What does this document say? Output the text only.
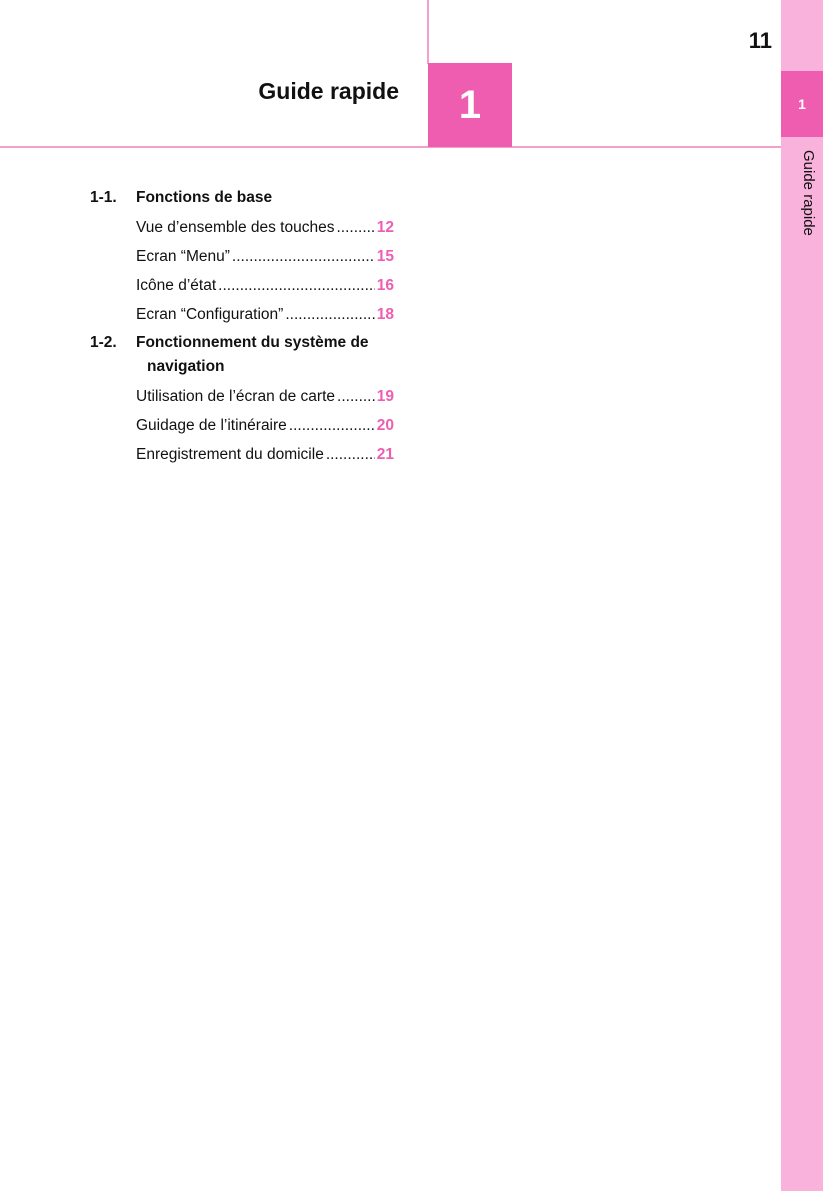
Guide rapide 1
11
1
Guide rapide
1-1.	Fonctions de base
Vue d’ensemble des touches .....	12
Ecran “Menu” .....	15
Icône d’état .....	16
Ecran “Configuration” .....	18
1-2.	Fonctionnement du système de
navigation
Utilisation de l’écran de carte .....	19
Guidage de l’itinéraire .....	20
Enregistrement du domicile .....	21
